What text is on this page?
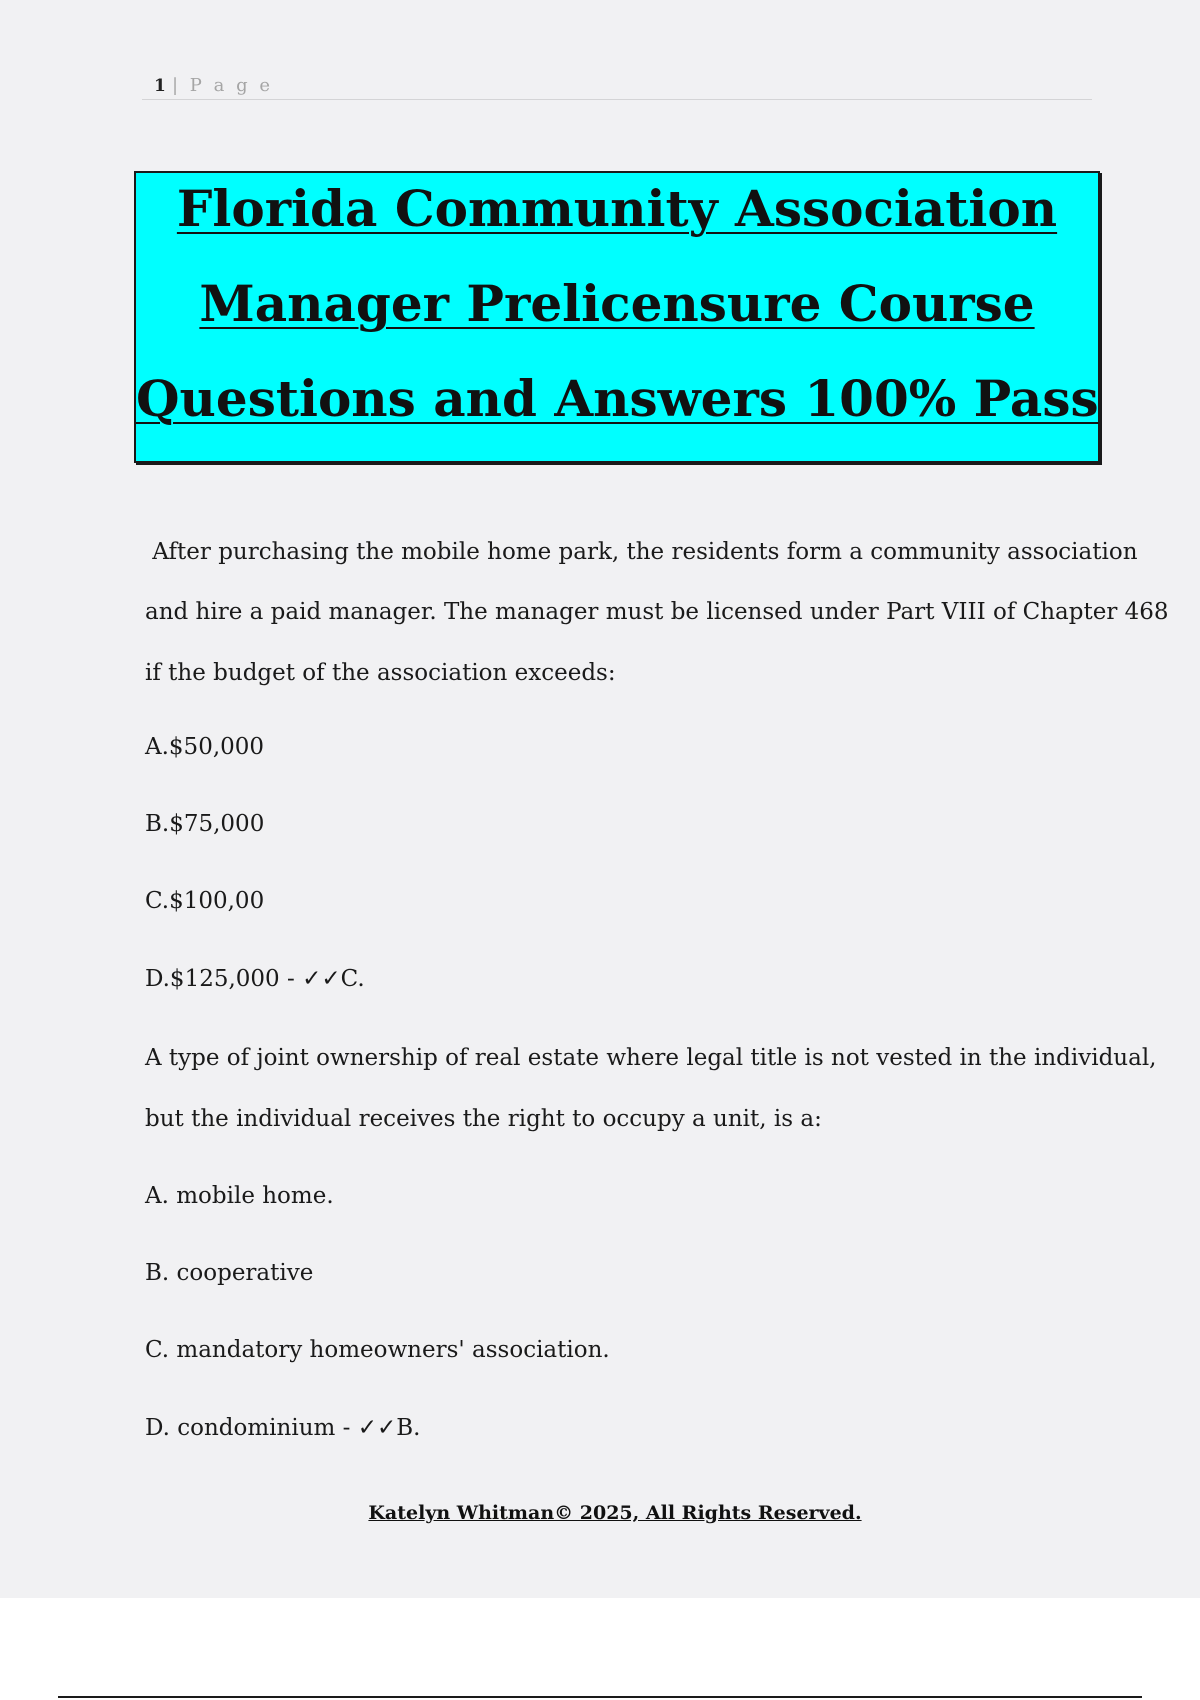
1 | P a g e
Florida Community Association
Manager Prelicensure Course
Questions and Answers 100% Pass
After purchasing the mobile home park, the residents form a community association
and hire a paid manager. The manager must be licensed under Part VIII of Chapter 468
if the budget of the association exceeds:
A.$50,000
B.$75,000
C.$100,00
D.$125,000 - ✓✓C.
A type of joint ownership of real estate where legal title is not vested in the individual,
but the individual receives the right to occupy a unit, is a:
A. mobile home.
B. cooperative
C. mandatory homeowners' association.
D. condominium - ✓✓B.
Katelyn Whitman© 2025, All Rights Reserved.
